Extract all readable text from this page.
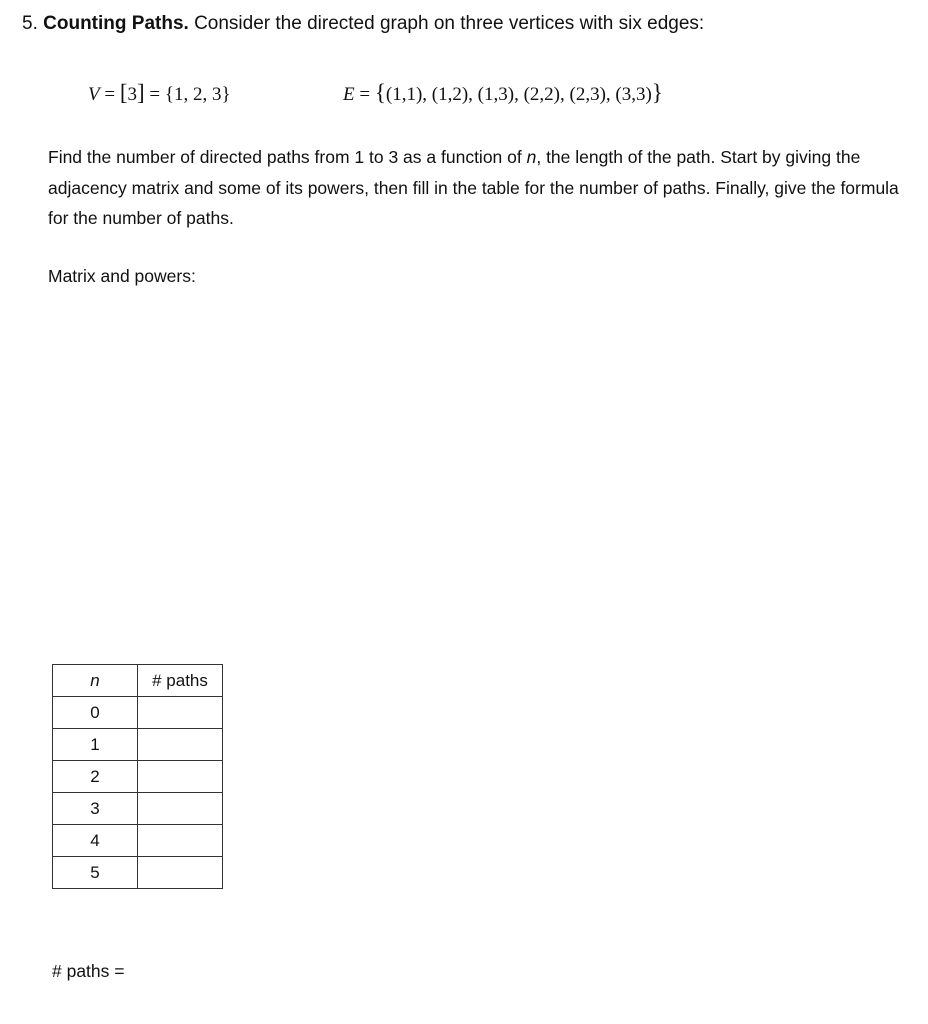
5. Counting Paths. Consider the directed graph on three vertices with six edges:
V = [3] = {1, 2, 3}	E = {(1,1), (1,2), (1,3), (2,2), (2,3), (3,3)}
Find the number of directed paths from 1 to 3 as a function of n, the length of the path. Start by giving the adjacency matrix and some of its powers, then fill in the table for the number of paths. Finally, give the formula for the number of paths.
Matrix and powers:
n	# paths
0	
1	
2	
3	
4	
5	
# paths =
